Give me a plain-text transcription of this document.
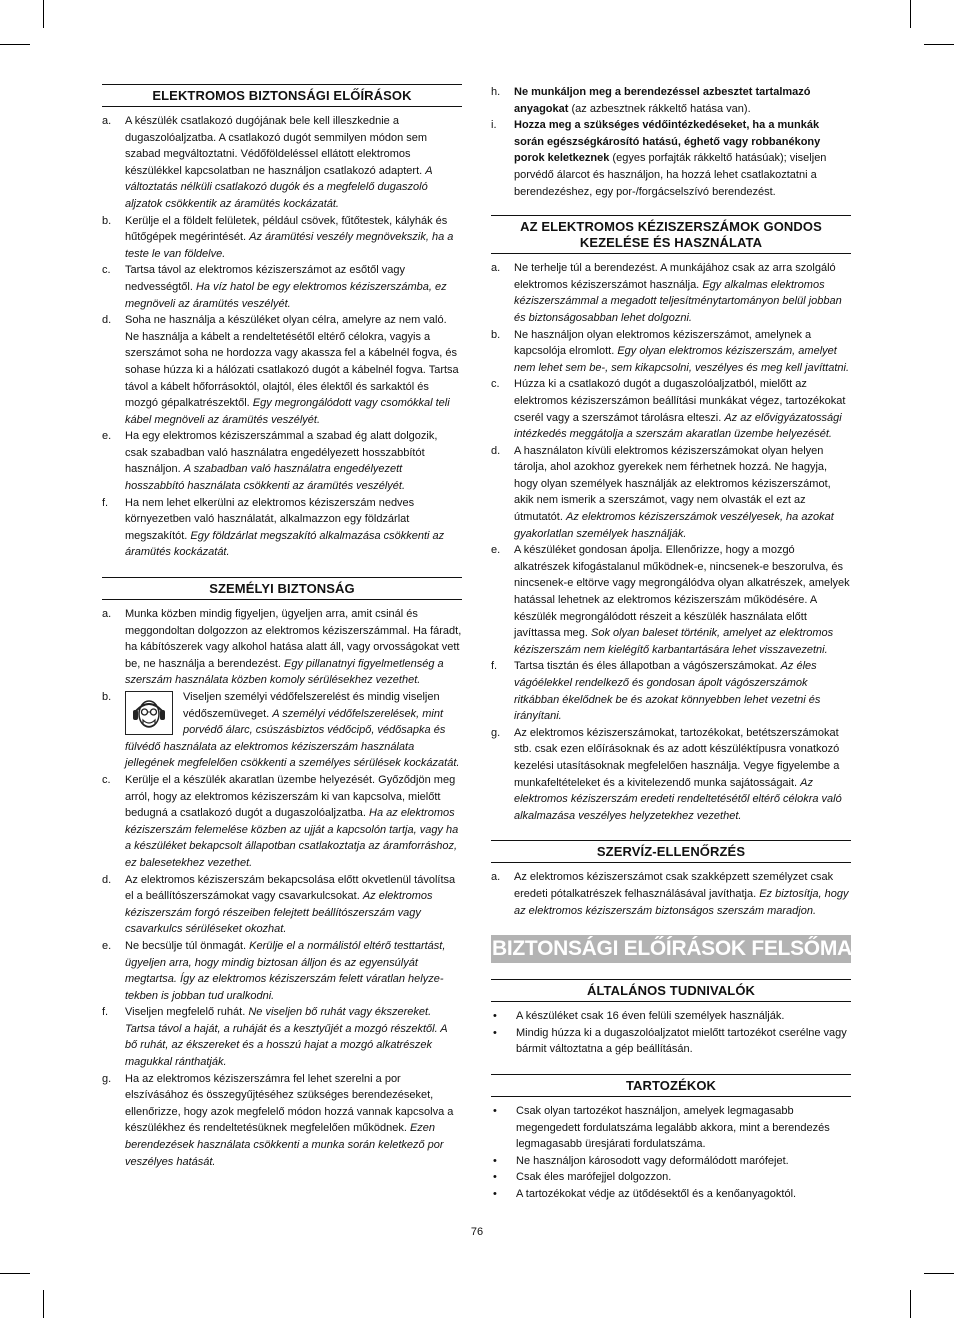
ELEKTROMOS BIZTONSÁGI ELŐÍRÁSOK
a.	A készülék csatlakozó dugójának bele kell illeszkednie a dugaszolóaljzatba. A csatlakozó dugót semmilyen módon sem szabad megváltoztatni. Védőföldeléssel ellátott elektromos készülékkel kapcsolatban ne használjon csatlakozó adaptert. A változtatás nélküli csatlakozó dugók és a megfelelő dugaszoló aljzatok csökkentik az áramütés kockázatát.
b.	Kerülje el a földelt felületek, például csövek, fűtőtestek, kályhák és hűtőgépek megérintését. Az áramütési veszély megnövekszik, ha a teste le van földelve.
c.	Tartsa távol az elektromos kéziszerszámot az esőtől vagy nedvességtől. Ha víz hatol be egy elektromos kéziszerszámba, ez megnöveli az áramütés veszélyét.
d.	Soha ne használja a készüléket olyan célra, amelyre az nem való. Ne használja a kábelt a rendeltetésétől eltérő célokra, vagyis a szerszámot soha ne hordozza vagy akassza fel a kábelnél fogva, és sohase húzza ki a hálózati csatlakozó dugót a kábelnél fogva. Tartsa távol a kábelt hőforrásoktól, olajtól, éles élektől és sarkaktól és mozgó gépalkatrészektől. Egy megrongálódott vagy csomókkal teli kábel megnöveli az áramütés veszélyét.
e.	Ha egy elektromos kéziszerszámmal a szabad ég alatt dolgozik, csak szabadban való használatra engedélyezett hosszabbítót használjon. A szabadban való használatra engedélyezett hosszabbító használata csökkenti az áramütés veszélyét.
f.	Ha nem lehet elkerülni az elektromos kéziszerszám nedves környezetben való használatát, alkalmazzon egy földzárlat megszakítót. Egy földzárlat megszakító alkalmazása csökkenti az áramütés kockázatát.
SZEMÉLYI BIZTONSÁG
a.	Munka közben mindig figyeljen, ügyeljen arra, amit csinál és meggondoltan dolgozzon az elektromos kéziszerszámmal. Ha fáradt, ha kábítószerek vagy alkohol hatása alatt áll, vagy orvosságokat vett be, ne használja a berendezést. Egy pillanatnyi figyelmetlenség a szerszám használata közben komoly sérülésekhez vezethet.
b.	Viseljen személyi védőfelszerelést és mindig viseljen védőszemüveget. A személyi védőfelszerelések, mint porvédő álarc, csúszásbiztos védőcipő, védősapka és fülvédő használata az elektromos kéziszerszám használata jellegének megfelelően csökkenti a személyes sérülések kockázatát.
c.	Kerülje el a készülék akaratlan üzembe helyezését. Győződjön meg arról, hogy az elektromos kéziszerszám ki van kapcsolva, mielőtt bedugná a csatlakozó dugót a dugaszolóaljzatba. Ha az elektromos kéziszerszám felemelése közben az ujját a kapcsolón tartja, vagy ha a készüléket bekapcsolt állapotban csatlakoztatja az áramforráshoz, ez balesetekhez vezethet.
d.	Az elektromos kéziszerszám bekapcsolása előtt okvetlenül távolítsa el a beállítószerszámokat vagy csavarkulcsokat. Az elektromos kéziszerszám forgó részeiben felejtett beállítószerszám vagy csavarkulcs sérüléseket okozhat.
e.	Ne becsülje túl önmagát. Kerülje el a normálistól eltérő testtartást, ügyeljen arra, hogy mindig biztosan álljon és az egyensúlyát megtartsa. Így az elektromos kéziszerszám felett váratlan helyze-tekben is jobban tud uralkodni.
f.	Viseljen megfelelő ruhát. Ne viseljen bő ruhát vagy ékszereket. Tartsa távol a haját, a ruháját és a kesztyűjét a mozgó részektől. A bő ruhát, az ékszereket és a hosszú hajat a mozgó alkatrészek magukkal ránthatják.
g.	Ha az elektromos kéziszerszámra fel lehet szerelni a por elszívásához és összegyűjtéséhez szükséges berendezéseket, ellenőrizze, hogy azok megfelelő módon hozzá vannak kapcsolva a készülékhez és rendeltetésüknek megfelelően működnek. Ezen berendezések használata csökkenti a munka során keletkező por veszélyes hatását.
h.	Ne munkáljon meg a berendezéssel azbesztet tartalmazó anyagokat (az azbesztnek rákkeltő hatása van).
i.	Hozza meg a szükséges védőintézkedéseket, ha a munkák során egészségkárosító hatású, éghető vagy robbanékony porok keletkeznek (egyes porfajták rákkeltő hatásúak); viseljen porvédő álarcot és használjon, ha hozzá lehet csatlakoztatni a berendezéshez, egy por-/forgácselszívó berendezést.
AZ ELEKTROMOS KÉZISZERSZÁMOK GONDOS
KEZELÉSE ÉS HASZNÁLATA
a.	Ne terhelje túl a berendezést. A munkájához csak az arra szolgáló elektromos kéziszerszámot használja. Egy alkalmas elektromos kéziszerszámmal a megadott teljesítménytartományon belül jobban és biztonságosabban lehet dolgozni.
b.	Ne használjon olyan elektromos kéziszerszámot, amelynek a kapcsolója elromlott. Egy olyan elektromos kéziszerszám, amelyet nem lehet sem be-, sem kikapcsolni, veszélyes és meg kell javíttatni.
c.	Húzza ki a csatlakozó dugót a dugaszolóaljzatból, mielőtt az elektromos kéziszerszámon beállítási munkákat végez, tartozékokat cserél vagy a szerszámot tárolásra elteszi. Az az elővigyázatossági intézkedés meggátolja a szerszám akaratlan üzembe helyezését.
d.	A használaton kívüli elektromos kéziszerszámokat olyan helyen tárolja, ahol azokhoz gyerekek nem férhetnek hozzá. Ne hagyja, hogy olyan személyek használják az elektromos kéziszerszámot, akik nem ismerik a szerszámot, vagy nem olvasták el ezt az útmutatót. Az elektromos kéziszerszámok veszélyesek, ha azokat gyakorlatlan személyek használják.
e.	A készüléket gondosan ápolja. Ellenőrizze, hogy a mozgó alkatrészek kifogástalanul működnek-e, nincsenek-e beszorulva, és nincsenek-e eltörve vagy megrongálódva olyan alkatrészek, amelyek hatással lehetnek az elektromos kéziszerszám működésére. A készülék megrongálódott részeit a készülék használata előtt javíttassa meg. Sok olyan baleset történik, amelyet az elektromos kéziszerszám nem kielégítő karbantartására lehet visszavezetni.
f.	Tartsa tisztán és éles állapotban a vágószerszámokat. Az éles vágóélekkel rendelkező és gondosan ápolt vágószerszámok ritkábban ékelődnek be és azokat könnyebben lehet vezetni és irányítani.
g.	Az elektromos kéziszerszámokat, tartozékokat, betétszerszámokat stb. csak ezen előírásoknak és az adott készüléktípusra vonatkozó kezelési utasításoknak megfelelően használja. Vegye figyelembe a munkafeltételeket és a kivitelezendő munka sajátosságait. Az elektromos kéziszerszám eredeti rendeltetésétől eltérő célokra való alkalmazása veszélyes helyzetekhez vezethet.
SZERVÍZ-ELLENŐRZÉS
a.	Az elektromos kéziszerszámot csak szakképzett személyzet csak eredeti pótalkatrészek felhasználásával javíthatja. Ez biztosítja, hogy az elektromos kéziszerszám biztonságos szerszám maradjon.
BIZTONSÁGI ELŐÍRÁSOK FELSŐMARÓKHOZ
ÁLTALÁNOS TUDNIVALÓK
•	A készüléket csak 16 éven felüli személyek használják.
•	Mindig húzza ki a dugaszolóaljzatot mielőtt tartozékot cserélne vagy bármit változtatna a gép beállításán.
TARTOZÉKOK
•	Csak olyan tartozékot használjon, amelyek legmagasabb megengedett fordulatszáma legalább akkora, mint a berendezés legmagasabb üresjárati fordulatszáma.
•	Ne használjon károsodott vagy deformálódott marófejet.
•	Csak éles marófejjel dolgozzon.
•	A tartozékokat védje az ütődésektől és a kenőanyagoktól.
76
